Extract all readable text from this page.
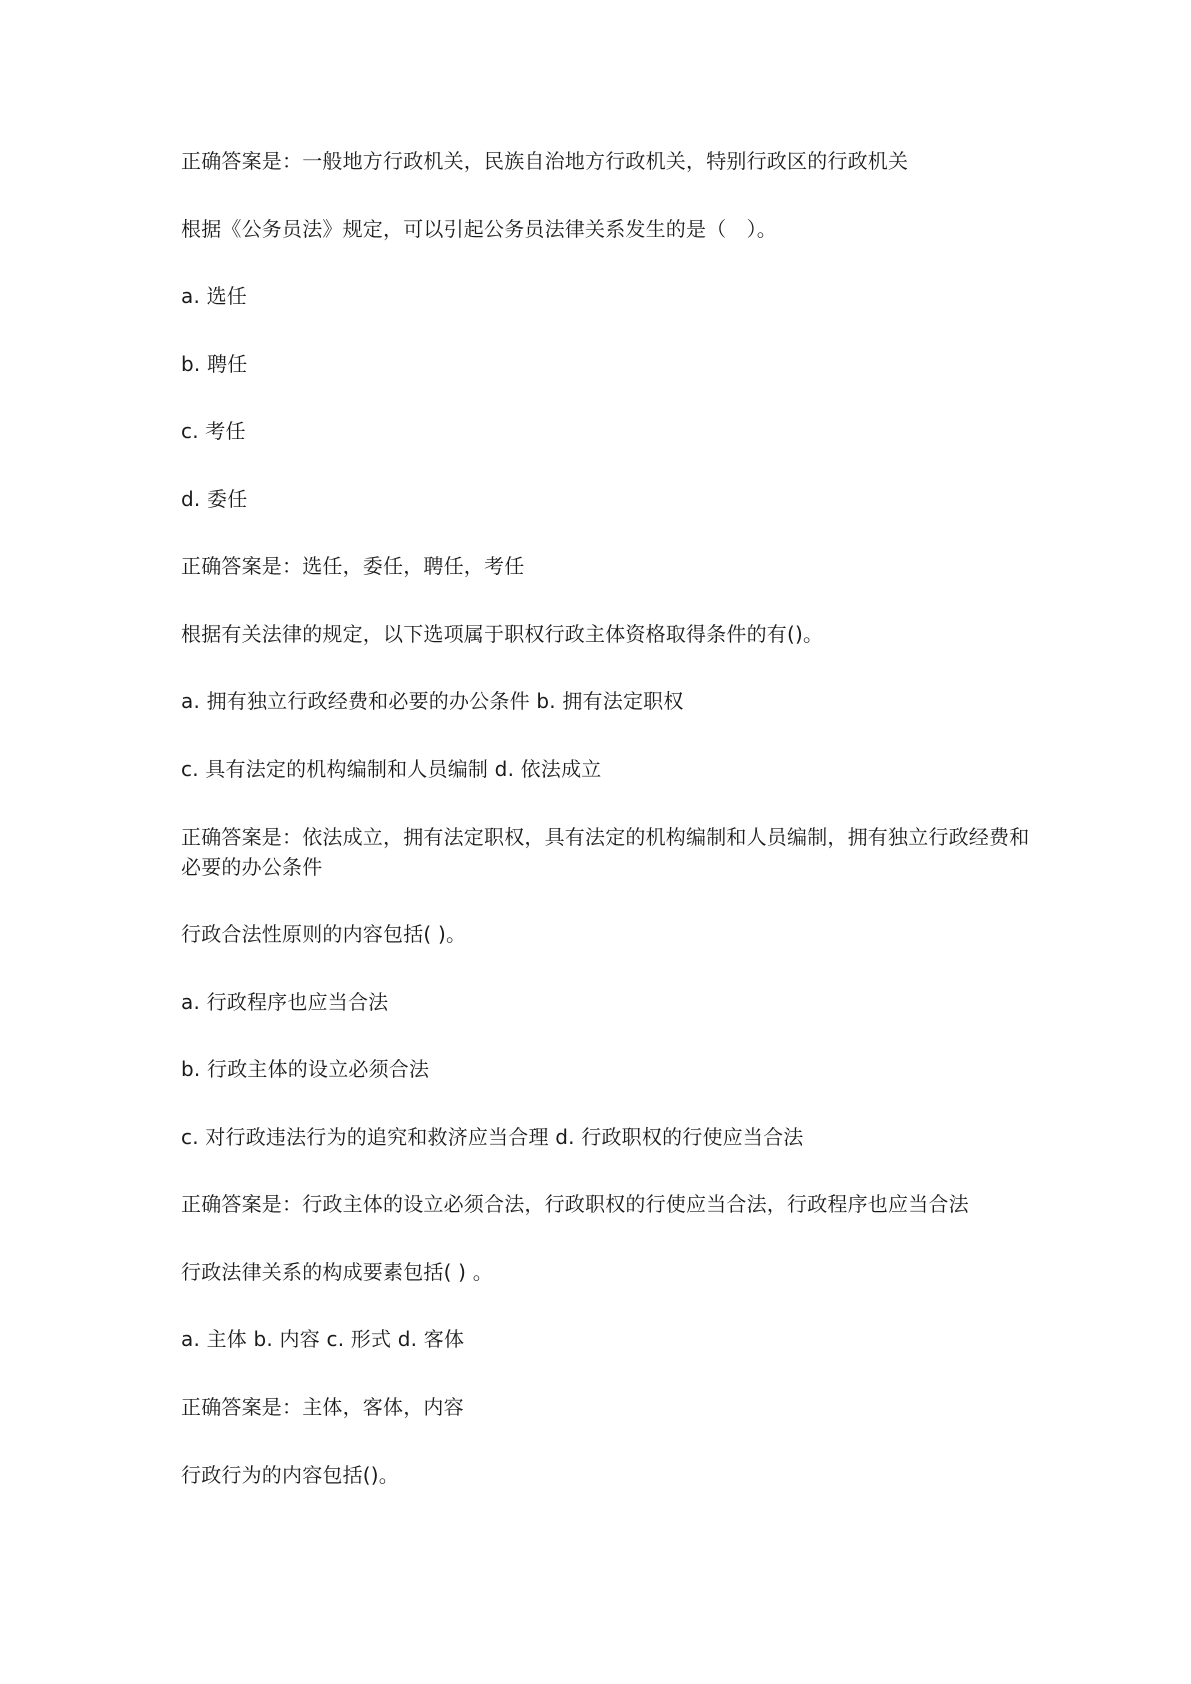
正确答案是：一般地方行政机关，民族自治地方行政机关，特别行政区的行政机关
根据《公务员法》规定，可以引起公务员法律关系发生的是（　）。
a. 选任
b. 聘任
c. 考任
d. 委任
正确答案是：选任，委任，聘任，考任
根据有关法律的规定，以下选项属于职权行政主体资格取得条件的有()。
a. 拥有独立行政经费和必要的办公条件 b. 拥有法定职权
c. 具有法定的机构编制和人员编制 d. 依法成立
正确答案是：依法成立，拥有法定职权，具有法定的机构编制和人员编制，拥有独立行政经费和必要的办公条件
行政合法性原则的内容包括( )。
a. 行政程序也应当合法
b. 行政主体的设立必须合法
c. 对行政违法行为的追究和救济应当合理 d. 行政职权的行使应当合法
正确答案是：行政主体的设立必须合法，行政职权的行使应当合法，行政程序也应当合法
行政法律关系的构成要素包括( ) 。
a. 主体 b. 内容 c. 形式 d. 客体
正确答案是：主体，客体，内容
行政行为的内容包括()。
